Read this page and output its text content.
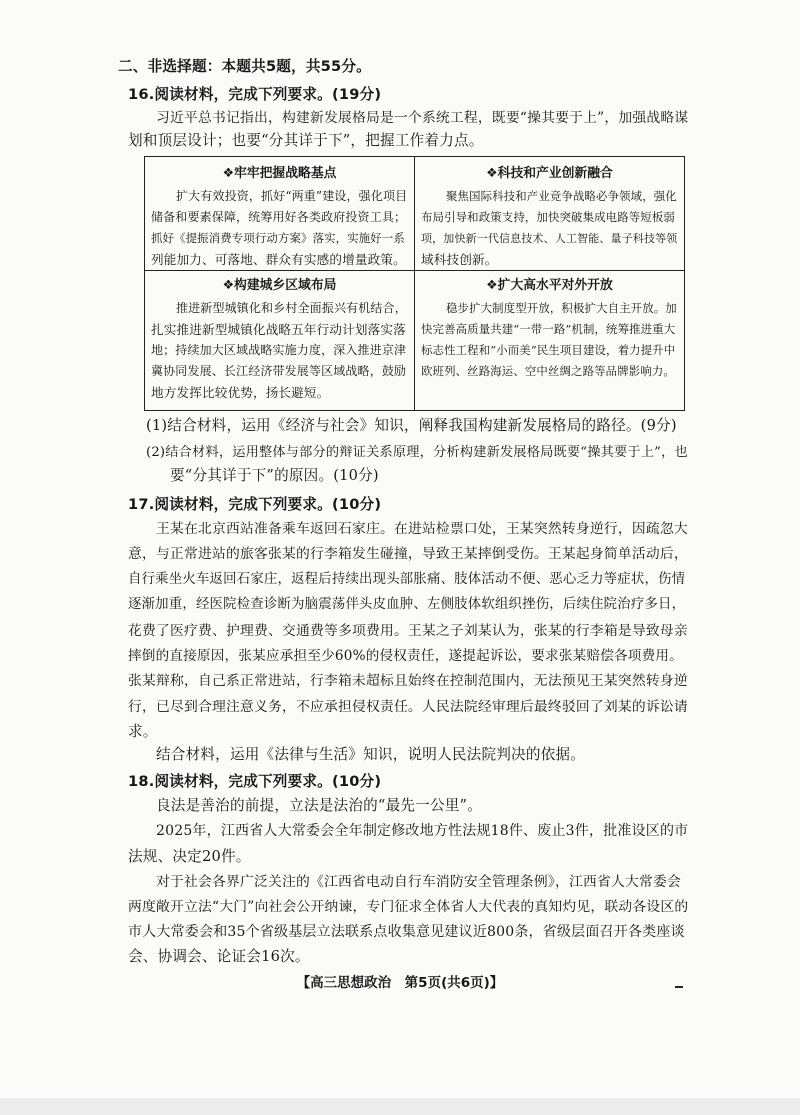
二、非选择题：本题共5题，共55分。
16.阅读材料，完成下列要求。(19分)
习近平总书记指出，构建新发展格局是一个系统工程，既要“操其要于上”，加强战略谋
划和顶层设计；也要“分其详于下”，把握工作着力点。
❖牢牢把握战略基点
扩大有效投资，抓好“两重”建设，强化项目
储备和要素保障，统筹用好各类政府投资工具；
抓好《提振消费专项行动方案》落实，实施好一系
列能加力、可落地、群众有实感的增量政策。
❖科技和产业创新融合
聚焦国际科技和产业竞争战略必争领域，强化
布局引导和政策支持，加快突破集成电路等短板弱
项，加快新一代信息技术、人工智能、量子科技等领
域科技创新。
❖构建城乡区域布局
推进新型城镇化和乡村全面振兴有机结合，
扎实推进新型城镇化战略五年行动计划落实落
地；持续加大区域战略实施力度，深入推进京津
冀协同发展、长江经济带发展等区域战略，鼓励
地方发挥比较优势，扬长避短。
❖扩大高水平对外开放
稳步扩大制度型开放，积极扩大自主开放。加
快完善高质量共建“一带一路”机制，统筹推进重大
标志性工程和“小而美”民生项目建设，着力提升中
欧班列、丝路海运、空中丝绸之路等品牌影响力。
(1)结合材料，运用《经济与社会》知识，阐释我国构建新发展格局的路径。(9分)
(2)结合材料，运用整体与部分的辩证关系原理，分析构建新发展格局既要“操其要于上”，也
要“分其详于下”的原因。(10分)
17.阅读材料，完成下列要求。(10分)
王某在北京西站准备乘车返回石家庄。在进站检票口处，王某突然转身逆行，因疏忽大
意，与正常进站的旅客张某的行李箱发生碰撞，导致王某摔倒受伤。王某起身简单活动后，
自行乘坐火车返回石家庄，返程后持续出现头部胀痛、肢体活动不便、恶心乏力等症状，伤情
逐渐加重，经医院检查诊断为脑震荡伴头皮血肿、左侧肢体软组织挫伤，后续住院治疗多日，
花费了医疗费、护理费、交通费等多项费用。王某之子刘某认为，张某的行李箱是导致母亲
摔倒的直接原因，张某应承担至少60%的侵权责任，遂提起诉讼，要求张某赔偿各项费用。
张某辩称，自己系正常进站，行李箱未超标且始终在控制范围内，无法预见王某突然转身逆
行，已尽到合理注意义务，不应承担侵权责任。人民法院经审理后最终驳回了刘某的诉讼请
求。
结合材料，运用《法律与生活》知识，说明人民法院判决的依据。
18.阅读材料，完成下列要求。(10分)
良法是善治的前提，立法是法治的“最先一公里”。
2025年，江西省人大常委会全年制定修改地方性法规18件、废止3件，批准设区的市
法规、决定20件。
对于社会各界广泛关注的《江西省电动自行车消防安全管理条例》，江西省人大常委会
两度敞开立法“大门”向社会公开纳谏，专门征求全体省人大代表的真知灼见，联动各设区的
市人大常委会和35个省级基层立法联系点收集意见建议近800条，省级层面召开各类座谈
会、协调会、论证会16次。
【高三思想政治　第5页(共6页)】
